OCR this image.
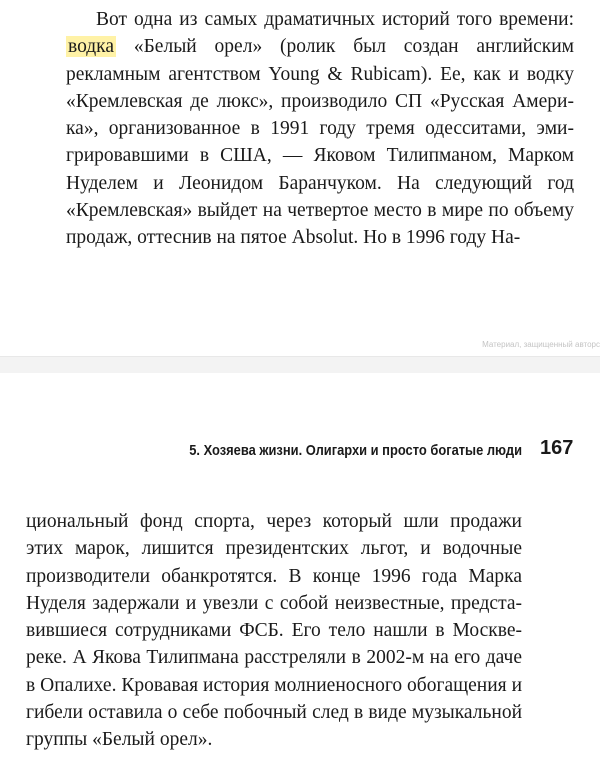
Вот одна из самых драматичных историй того времени: водка «Белый орел» (ролик был создан английским рекламным агентством Young & Rubicam). Ее, как и водку «Кремлевская де люкс», производило СП «Русская Америка», организованное в 1991 году тремя одесситами, эмигрировавшими в США, — Яковом Тилипманом, Марком Нуделем и Леонидом Баранчуком. На следующий год «Кремлевская» выйдет на четвертое место в мире по объему продаж, оттеснив на пятое Absolut. Но в 1996 году На-

Материал, защищенный авторс
5. Хозяева жизни. Олигархи и просто богатые люди 167

циональный фонд спорта, через который шли продажи этих марок, лишится президентских льгот, и водочные производители обанкротятся. В конце 1996 года Марка Нуделя задержали и увезли с собой неизвестные, представившиеся сотрудниками ФСБ. Его тело нашли в Москвереке. А Якова Тилипмана расстреляли в 2002-м на его даче в Опалихе. Кровавая история молниеносного обогащения и гибели оставила о себе побочный след в виде музыкальной группы «Белый орел».
